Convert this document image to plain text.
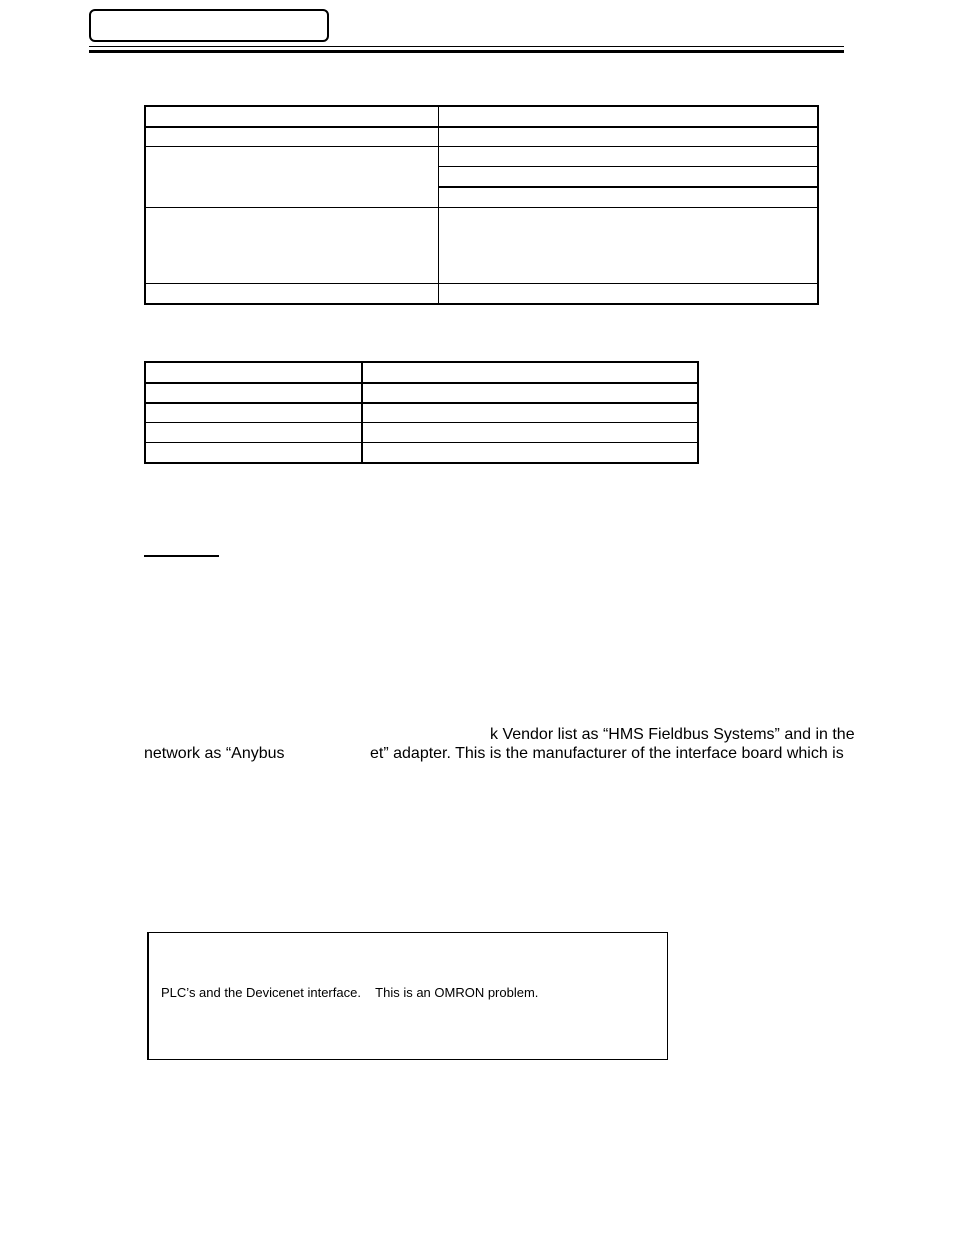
k Vendor list as “HMS Fieldbus Systems” and in the
network as “Anybus	et” adapter. This is the manufacturer of the interface board which is
PLC’s and the Devicenet interface.    This is an OMRON problem.
